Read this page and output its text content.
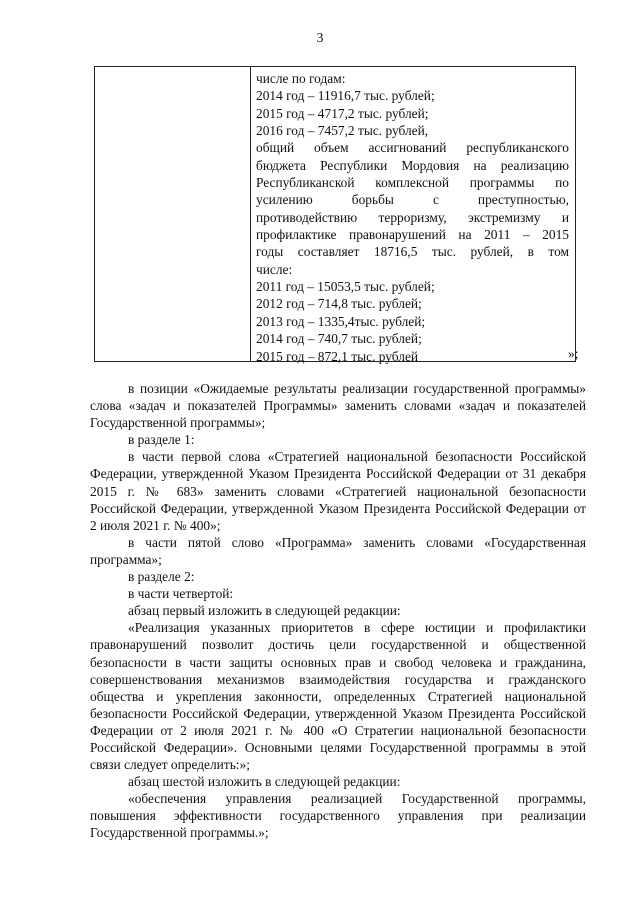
3
числе по годам:
2014 год – 11916,7 тыс. рублей;
2015 год – 4717,2 тыс. рублей;
2016 год – 7457,2 тыс. рублей,
общий объем ассигнований республиканского
бюджета Республики Мордовия на реализацию
Республиканской комплексной программы по
усилению борьбы с преступностью,
противодействию терроризму, экстремизму и
профилактике правонарушений на 2011 – 2015
годы составляет 18716,5 тыс. рублей, в том
числе:
2011 год – 15053,5 тыс. рублей;
2012 год – 714,8 тыс. рублей;
2013 год – 1335,4тыс. рублей;
2014 год – 740,7 тыс. рублей;
2015 год – 872,1 тыс. рублей	»;
в позиции «Ожидаемые результаты реализации государственной программы» слова «задач и показателей Программы» заменить словами «задач и показателей Государственной программы»;
в разделе 1:
в части первой слова «Стратегией национальной безопасности Российской Федерации, утвержденной Указом Президента Российской Федерации от 31 декабря 2015 г. № 683» заменить словами «Стратегией национальной безопасности Российской Федерации, утвержденной Указом Президента Российской Федерации от 2 июля 2021 г. № 400»;
в части пятой слово «Программа» заменить словами «Государственная программа»;
в разделе 2:
в части четвертой:
абзац первый изложить в следующей редакции:
«Реализация указанных приоритетов в сфере юстиции и профилактики правонарушений позволит достичь цели государственной и общественной безопасности в части защиты основных прав и свобод человека и гражданина, совершенствования механизмов взаимодействия государства и гражданского общества и укрепления законности, определенных Стратегией национальной безопасности Российской Федерации, утвержденной Указом Президента Российской Федерации от 2 июля 2021 г. № 400 «О Стратегии национальной безопасности Российской Федерации». Основными целями Государственной программы в этой связи следует определить:»;
абзац шестой изложить в следующей редакции:
«обеспечения управления реализацией Государственной программы, повышения эффективности государственного управления при реализации Государственной программы.»;
